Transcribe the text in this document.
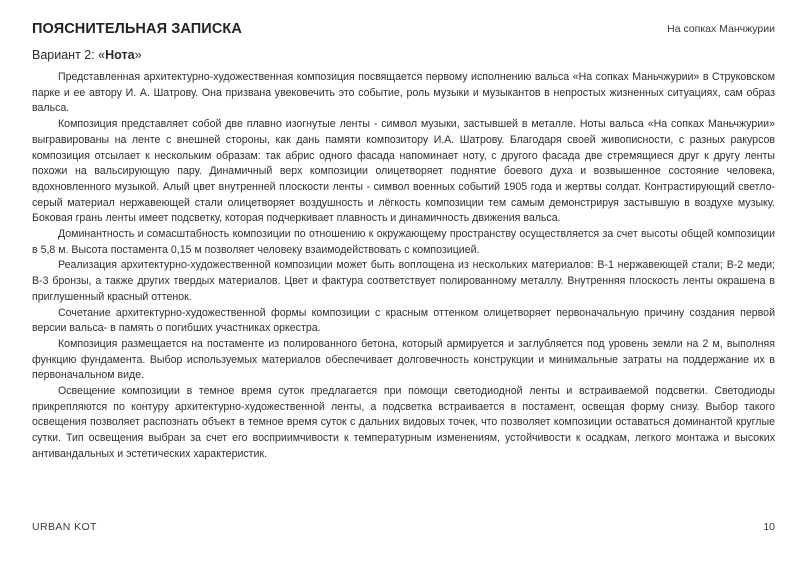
ПОЯСНИТЕЛЬНАЯ ЗАПИСКА	На сопках Манчжурии
Вариант 2: «Нота»

Представленная архитектурно-художественная композиция посвящается первому исполнению вальса «На сопках Маньчжурии» в Струковском парке и ее автору И. А. Шатрову. Она призвана увековечить это событие, роль музыки и музыкантов в непростых жизненных ситуациях, сам образ вальса.

Композиция представляет собой две плавно изогнутые ленты - символ музыки, застывшей в металле. Ноты вальса «На сопках Маньчжурии» выгравированы на ленте с внешней стороны, как дань памяти композитору И.А. Шатрову. Благодаря своей живописности, с разных ракурсов композиция отсылает к нескольким образам: так абрис одного фасада напоминает ноту, с другого фасада две стремящиеся друг к другу ленты похожи на вальсирующую пару. Динамичный верх композиции олицетворяет поднятие боевого духа и возвышенное состояние человека, вдохновленного музыкой. Алый цвет внутренней плоскости ленты - символ военных событий 1905 года и жертвы солдат. Контрастирующий светло-серый материал нержавеющей стали олицетворяет воздушность и лёгкость композиции тем самым демонстрируя застывшую в воздухе музыку. Боковая грань ленты имеет подсветку, которая подчеркивает плавность и динамичность движения вальса.

Доминантность и сомасштабность композиции по отношению к окружающему пространству осуществляется за счет высоты общей композиции в 5,8 м. Высота постамента 0,15 м позволяет человеку взаимодействовать с композицией.

Реализация архитектурно-художественной композиции может быть воплощена из нескольких материалов: В-1 нержавеющей стали; В-2 меди; В-3 бронзы, а также других твердых материалов. Цвет и фактура соответствует полированному металлу. Внутренняя плоскость ленты окрашена в приглушенный красный оттенок.

Сочетание архитектурно-художественной формы композиции с красным оттенком олицетворяет первоначальную причину создания первой версии вальса- в память о погибших участниках оркестра.

Композиция размещается на постаменте из полированного бетона, который армируется и заглубляется под уровень земли на 2 м, выполняя функцию фундамента. Выбор используемых материалов обеспечивает долговечность конструкции и минимальные затраты на поддержание их в первоначальном виде.

Освещение композиции в темное время суток предлагается при помощи светодиодной ленты и встраиваемой подсветки. Светодиоды прикрепляются по контуру архитектурно-художественной ленты, а подсветка встраивается в постамент, освещая форму снизу. Выбор такого освещения позволяет распознать объект в темное время суток с дальних видовых точек, что позволяет композиции оставаться доминантой круглые сутки. Тип освещения выбран за счет его восприимчивости к температурным изменениям, устойчивости к осадкам, легкого монтажа и высоких антивандальных и эстетических характеристик.

URBAN KOT	10
